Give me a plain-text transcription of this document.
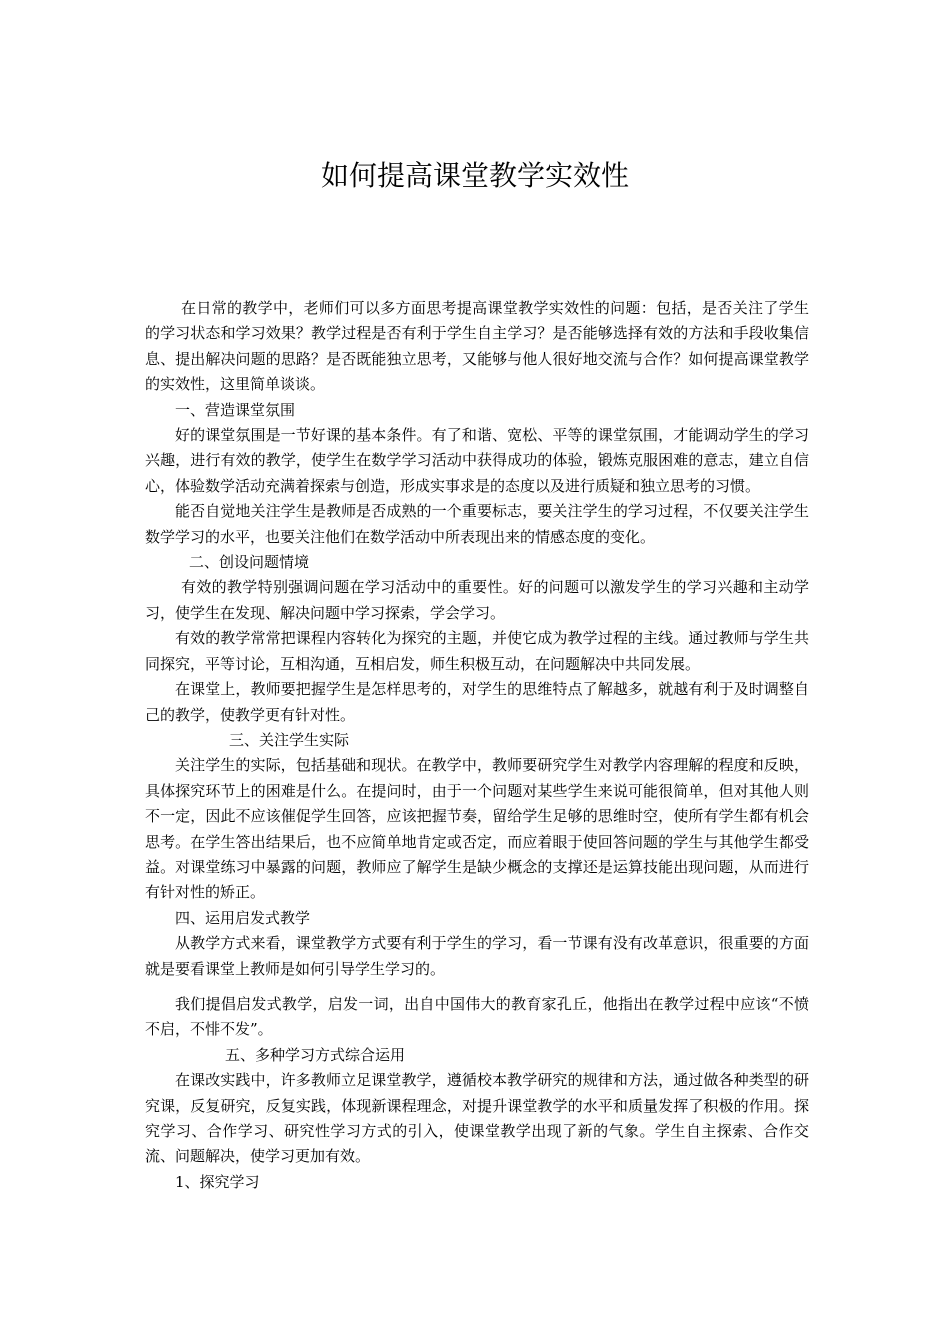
如何提高课堂教学实效性

在日常的教学中，老师们可以多方面思考提高课堂教学实效性的问题：包括，是否关注了学生的学习状态和学习效果？教学过程是否有利于学生自主学习？是否能够选择有效的方法和手段收集信息、提出解决问题的思路？是否既能独立思考，又能够与他人很好地交流与合作？如何提高课堂教学的实效性，这里简单谈谈。

一、营造课堂氛围

好的课堂氛围是一节好课的基本条件。有了和谐、宽松、平等的课堂氛围，才能调动学生的学习兴趣，进行有效的教学，使学生在数学学习活动中获得成功的体验，锻炼克服困难的意志，建立自信心，体验数学活动充满着探索与创造，形成实事求是的态度以及进行质疑和独立思考的习惯。

能否自觉地关注学生是教师是否成熟的一个重要标志，要关注学生的学习过程，不仅要关注学生数学学习的水平，也要关注他们在数学活动中所表现出来的情感态度的变化。

二、创设问题情境

有效的教学特别强调问题在学习活动中的重要性。好的问题可以激发学生的学习兴趣和主动学习，使学生在发现、解决问题中学习探索，学会学习。

有效的教学常常把课程内容转化为探究的主题，并使它成为教学过程的主线。通过教师与学生共同探究，平等讨论，互相沟通，互相启发，师生积极互动，在问题解决中共同发展。

在课堂上，教师要把握学生是怎样思考的，对学生的思维特点了解越多，就越有利于及时调整自己的教学，使教学更有针对性。

三、关注学生实际

关注学生的实际，包括基础和现状。在教学中，教师要研究学生对教学内容理解的程度和反映，具体探究环节上的困难是什么。在提问时，由于一个问题对某些学生来说可能很简单，但对其他人则不一定，因此不应该催促学生回答，应该把握节奏，留给学生足够的思维时空，使所有学生都有机会思考。在学生答出结果后，也不应简单地肯定或否定，而应着眼于使回答问题的学生与其他学生都受益。对课堂练习中暴露的问题，教师应了解学生是缺少概念的支撑还是运算技能出现问题，从而进行有针对性的矫正。

四、运用启发式教学

从教学方式来看，课堂教学方式要有利于学生的学习，看一节课有没有改革意识，很重要的方面就是要看课堂上教师是如何引导学生学习的。

我们提倡启发式教学，启发一词，出自中国伟大的教育家孔丘，他指出在教学过程中应该“不愤不启，不悱不发”。

五、多种学习方式综合运用

在课改实践中，许多教师立足课堂教学，遵循校本教学研究的规律和方法，通过做各种类型的研究课，反复研究，反复实践，体现新课程理念，对提升课堂教学的水平和质量发挥了积极的作用。探究学习、合作学习、研究性学习方式的引入，使课堂教学出现了新的气象。学生自主探索、合作交流、问题解决，使学习更加有效。

1、探究学习
